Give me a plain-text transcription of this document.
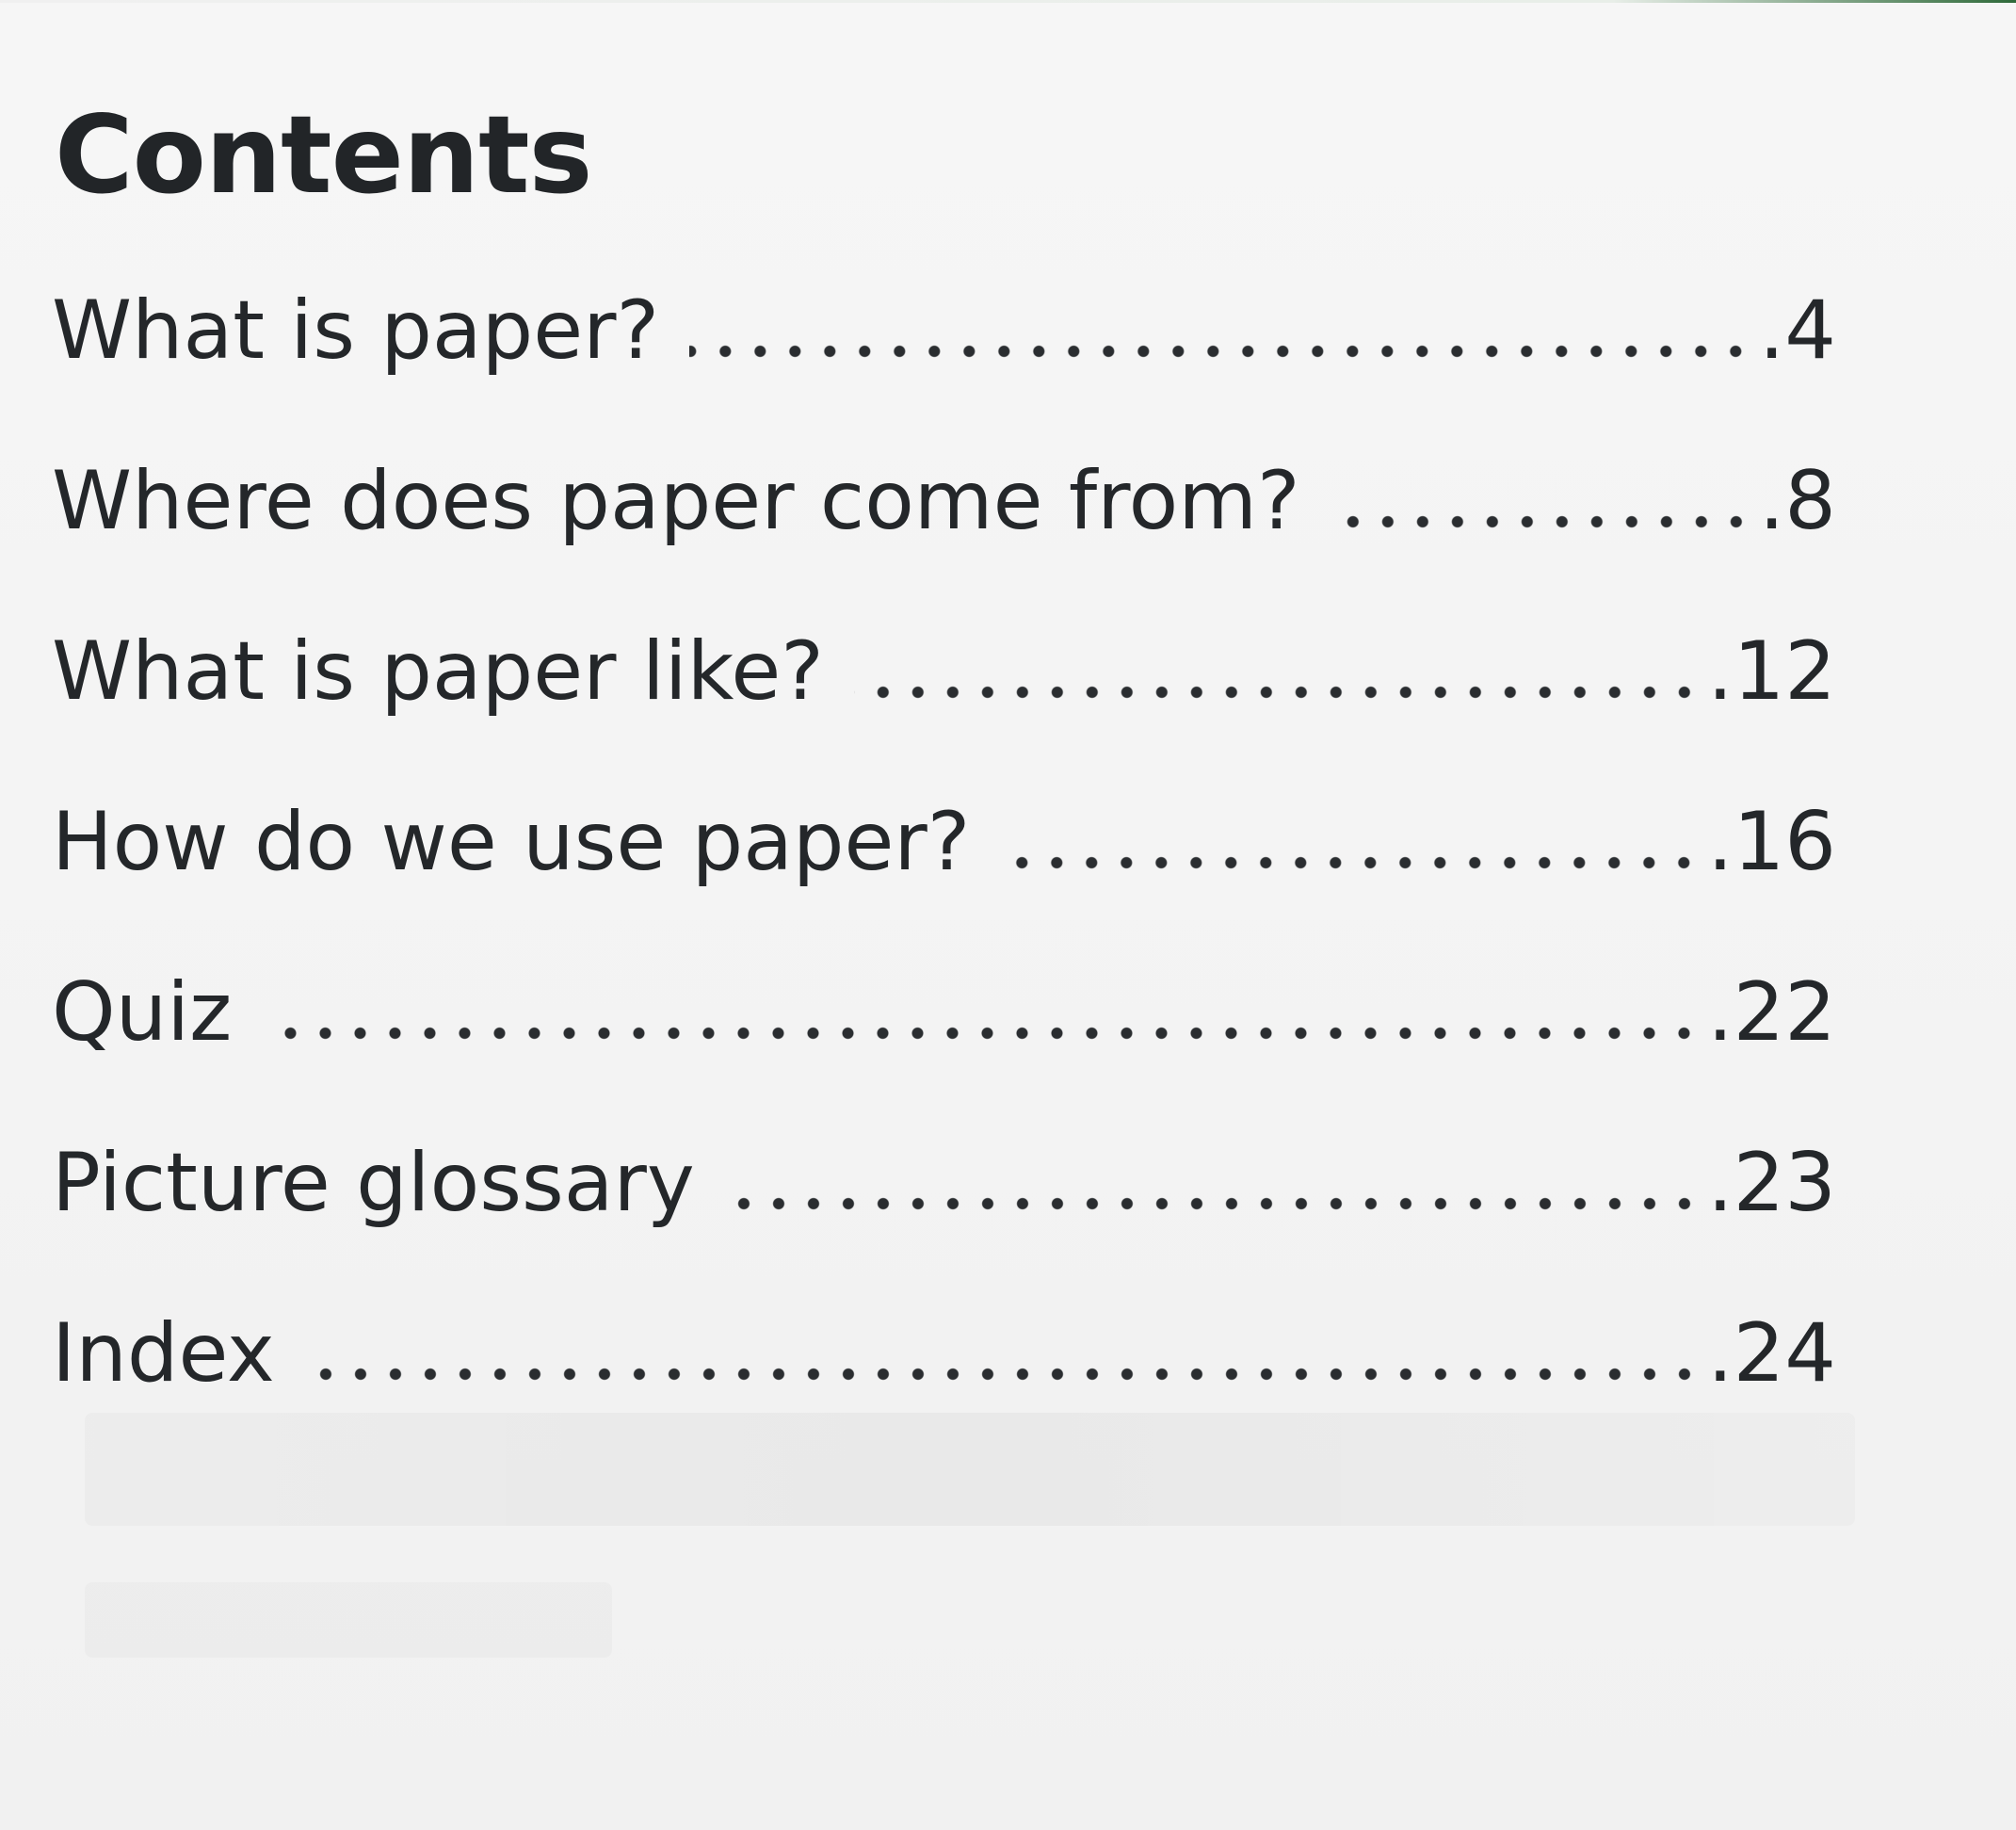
Contents
What is paper?	. 4
Where does paper come from?	. 8
What is paper like?	. 12
How do we use paper?	. 16
Quiz	. 22
Picture glossary	. 23
Index	. 24
